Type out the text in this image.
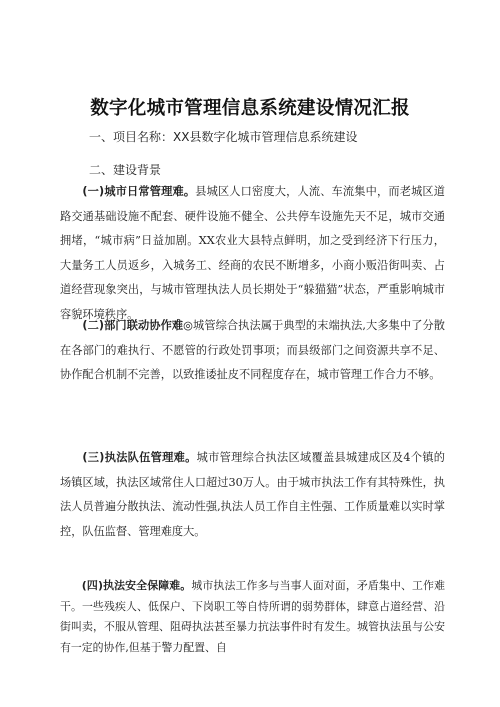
数字化城市管理信息系统建设情况汇报
一、项目名称：XX县数字化城市管理信息系统建设
二、建设背景

(一)城市日常管理难。县城区人口密度大，人流、车流集中，而老城区道路交通基础设施不配套、硬件设施不健全、公共停车设施先天不足，城市交通拥堵，“城市病”日益加剧。XX农业大县特点鲜明，加之受到经济下行压力，大量务工人员返乡，入城务工、经商的农民不断增多，小商小贩沿街叫卖、占道经营现象突出，与城市管理执法人员长期处于“躲猫猫”状态，严重影响城市容貌环境秩序。

(二)部门联动协作难◎城管综合执法属于典型的末端执法,大多集中了分散在各部门的难执行、不愿管的行政处罚事项；而县级部门之间资源共享不足、协作配合机制不完善，以致推诿扯皮不同程度存在，城市管理工作合力不够。

(三)执法队伍管理难。城市管理综合执法区域覆盖县城建成区及4个镇的场镇区域，执法区域常住人口超过30万人。由于城市执法工作有其特殊性，执法人员普遍分散执法、流动性强,执法人员工作自主性强、工作质量难以实时掌控，队伍监督、管理难度大。

(四)执法安全保障难。城市执法工作多与当事人面对面，矛盾集中、工作难干。一些残疾人、低保户、下岗职工等自恃所谓的弱势群体，肆意占道经营、沿街叫卖，不服从管理、阻碍执法甚至暴力抗法事件时有发生。城管执法虽与公安有一定的协作,但基于警力配置、自
